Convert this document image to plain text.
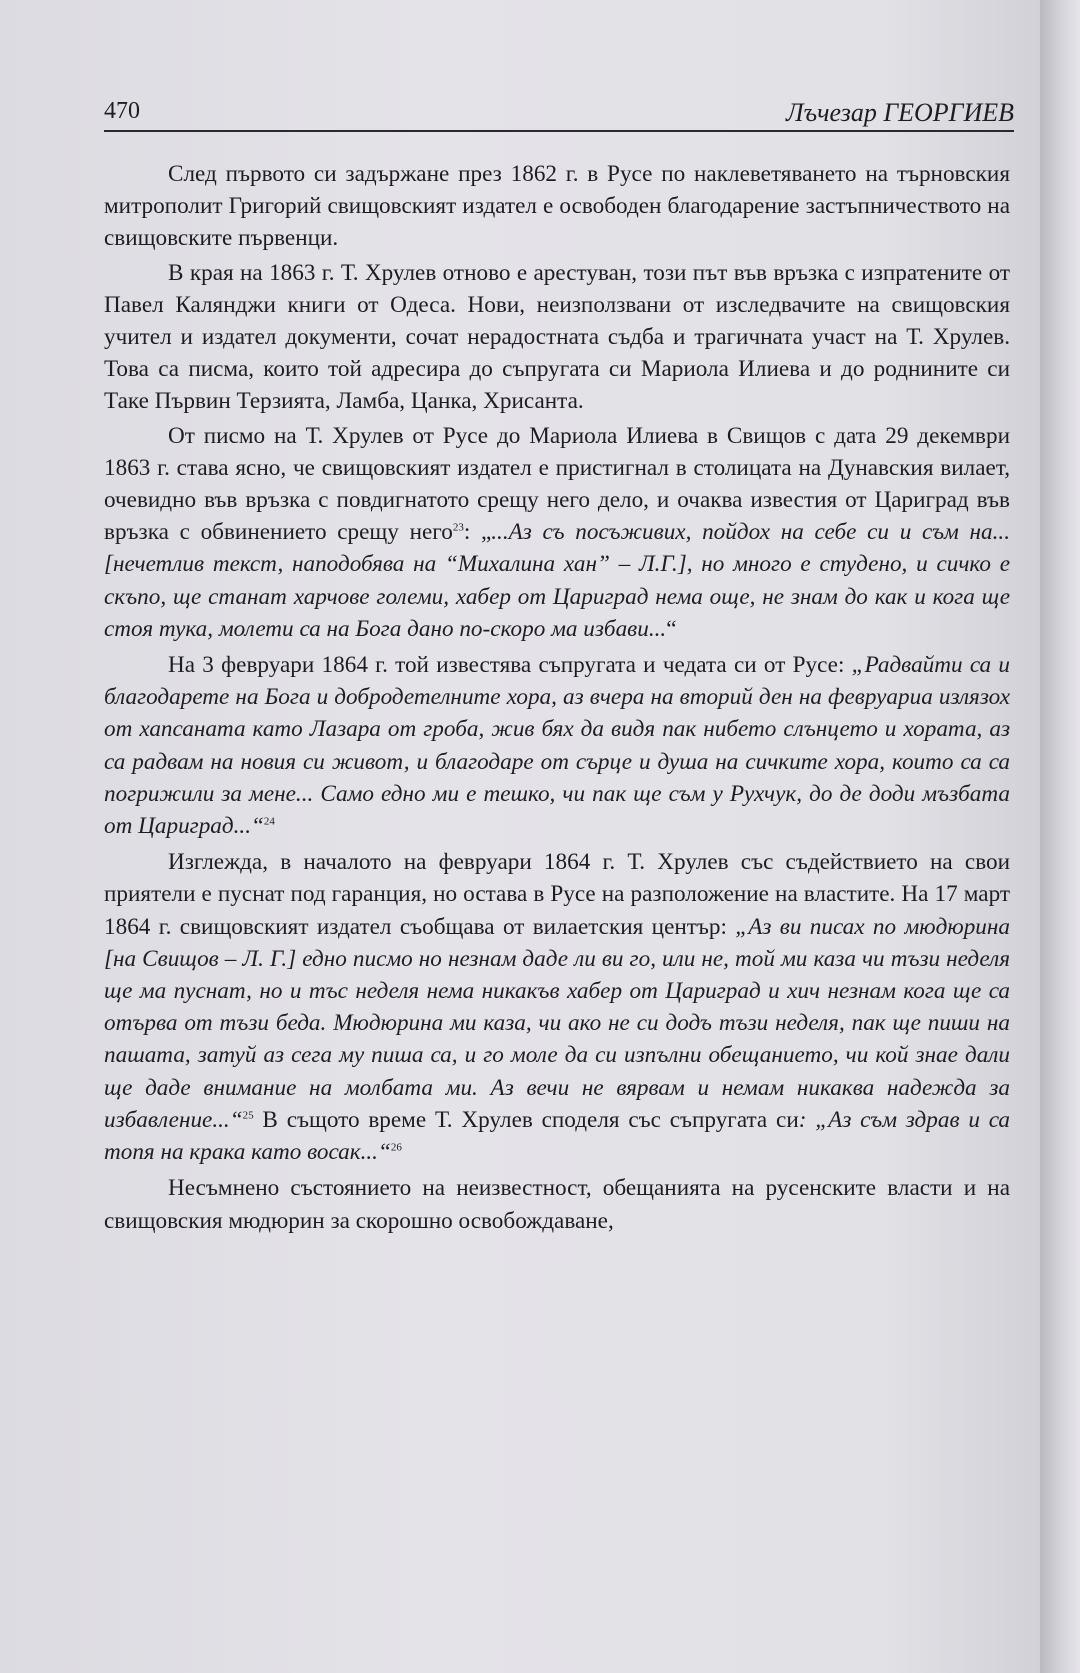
470	Лъчезар ГЕОРГИЕВ

След първото си задържане през 1862 г. в Русе по наклеветяването на търновския митрополит Григорий свищовският издател е освободен благодарение застъпничеството на свищовските първенци.

В края на 1863 г. Т. Хрулев отново е арестуван, този път във връзка с изпратените от Павел Калянджи книги от Одеса. Нови, неизползвани от изследвачите на свищовския учител и издател документи, сочат нерадостната съдба и трагичната участ на Т. Хрулев. Това са писма, които той адресира до съпругата си Мариола Илиева и до роднините си Таке Първин Терзията, Ламба, Цанка, Хрисанта.

От писмо на Т. Хрулев от Русе до Мариола Илиева в Свищов с дата 29 декември 1863 г. става ясно, че свищовският издател е пристигнал в столицата на Дунавския вилает, очевидно във връзка с повдигнатото срещу него дело, и очаква известия от Цариград във връзка с обвинението срещу него$^{23}$: „...Аз съ посъживих, пойдох на себе си и съм на...[нечетлив текст, наподобява на “Михалина хан” – Л.Г.], но много е студено, и сичко е скъпо, ще станат харчове големи, хабер от Цариград нема още, не знам до как и кога ще стоя тука, молети са на Бога дано по-скоро ма избави...“

На 3 февруари 1864 г. той известява съпругата и чедата си от Русе: „Радвайти са и благодарете на Бога и добродетелните хора, аз вчера на вторий ден на февруариа излязох от хапсаната като Лазара от гроба, жив бях да видя пак нибето слънцето и хората, аз са радвам на новия си живот, и благодаре от сърце и душа на сичките хора, които са са погрижили за мене... Само едно ми е тешко, чи пак ще съм у Рухчук, до де доди мъзбата от Цариград...“$^{24}$

Изглежда, в началото на февруари 1864 г. Т. Хрулев със съдействието на свои приятели е пуснат под гаранция, но остава в Русе на разположение на властите. На 17 март 1864 г. свищовският издател съобщава от вилаетския център: „Аз ви писах по мюдюрина [на Свищов – Л. Г.] едно писмо но незнам даде ли ви го, или не, той ми каза чи тъзи неделя ще ма пуснат, но и тъс неделя нема никакъв хабер от Цариград и хич незнам кога ще са отърва от тъзи беда. Мюдюрина ми каза, чи ако не си додъ тъзи неделя, пак ще пиши на пашата, затуй аз сега му пиша са, и го моле да си изпълни обещанието, чи кой знае дали ще даде внимание на молбата ми. Аз вечи не вярвам и немам никаква надежда за избавление...“$^{25}$ В същото време Т. Хрулев споделя със съпругата си: „Аз съм здрав и са топя на крака като восак...“$^{26}$

Несъмнено състоянието на неизвестност, обещанията на русенските власти и на свищовския мюдюрин за скорошно освобождаване,
